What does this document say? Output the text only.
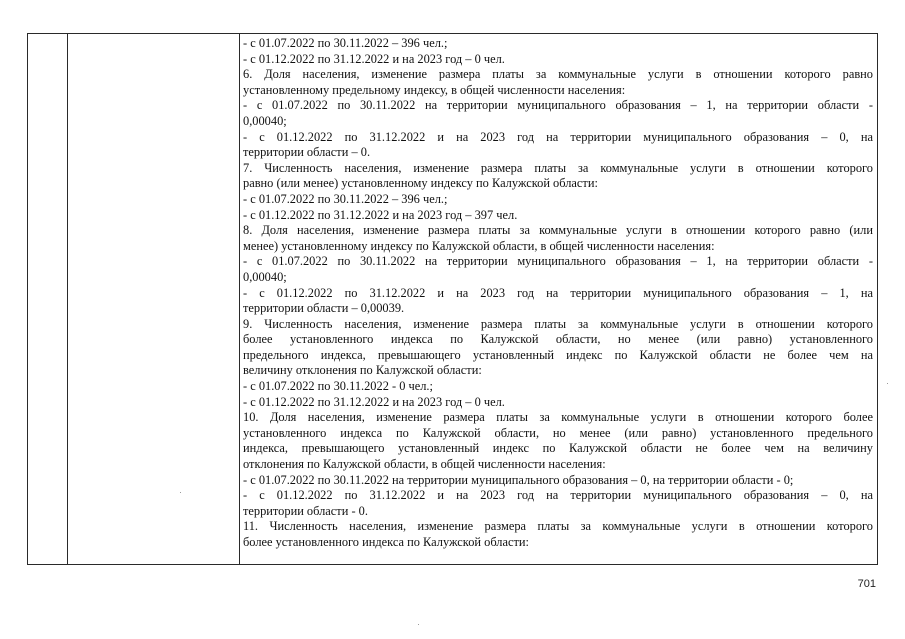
- с 01.07.2022 по 30.11.2022 – 396 чел.;
- с 01.12.2022 по 31.12.2022 и на 2023 год – 0 чел.
6. Доля населения, изменение размера платы за коммунальные услуги в отношении которого равно
установленному предельному индексу, в общей численности населения:
- с 01.07.2022 по 30.11.2022 на территории муниципального образования – 1, на территории области -
0,00040;
- с 01.12.2022 по 31.12.2022 и на 2023 год на территории муниципального образования – 0, на
территории области – 0.
7. Численность населения, изменение размера платы за коммунальные услуги в отношении которого
равно (или менее) установленному индексу по Калужской области:
- с 01.07.2022 по 30.11.2022 – 396 чел.;
- с 01.12.2022 по 31.12.2022 и на 2023 год – 397 чел.
8. Доля населения, изменение размера платы за коммунальные услуги в отношении которого равно (или
менее) установленному индексу по Калужской области, в общей численности населения:
- с 01.07.2022 по 30.11.2022 на территории муниципального образования – 1, на территории области -
0,00040;
- с 01.12.2022 по 31.12.2022 и на 2023 год на территории муниципального образования – 1, на
территории области – 0,00039.
9. Численность населения, изменение размера платы за коммунальные услуги в отношении которого
более установленного индекса по Калужской области, но менее (или равно) установленного
предельного индекса, превышающего установленный индекс по Калужской области не более чем на
величину отклонения по Калужской области:
- с 01.07.2022 по 30.11.2022 - 0 чел.;
- с 01.12.2022 по 31.12.2022 и на 2023 год – 0 чел.
10. Доля населения, изменение размера платы за коммунальные услуги в отношении которого более
установленного индекса по Калужской области, но менее (или равно) установленного предельного
индекса, превышающего установленный индекс по Калужской области не более чем на величину
отклонения по Калужской области, в общей численности населения:
- с 01.07.2022 по 30.11.2022 на территории муниципального образования – 0, на территории области - 0;
- с 01.12.2022 по 31.12.2022 и на 2023 год на территории муниципального образования – 0, на
территории области - 0.
11. Численность населения, изменение размера платы за коммунальные услуги в отношении которого
более установленного индекса по Калужской области:
701
